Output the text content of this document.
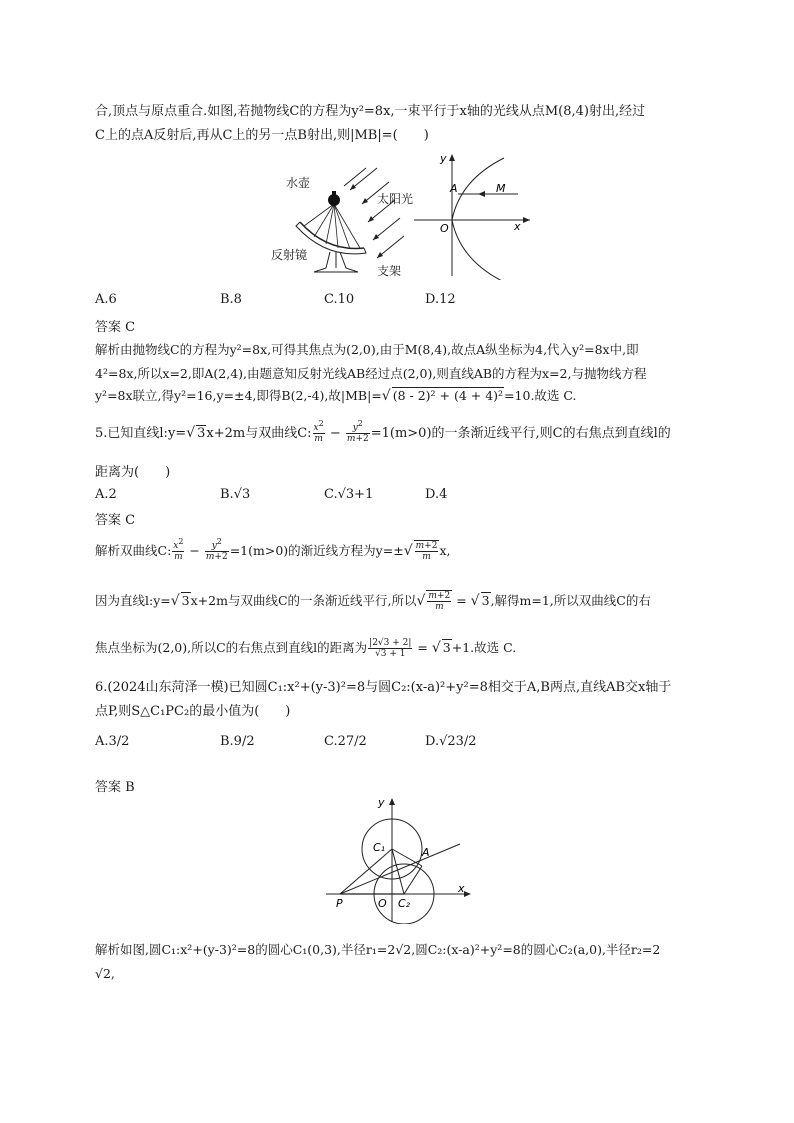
合,顶点与原点重合.如图,若抛物线C的方程为y²=8x,一束平行于x轴的光线从点M(8,4)射出,经过
C上的点A反射后,再从C上的另一点B射出,则|MB|=(　　)
水壶
太阳光
反射镜
支架
y
A	M
O	x
A.6	B.8	C.10	D.12
答案 C
解析由抛物线C的方程为y²=8x,可得其焦点为(2,0),由于M(8,4),故点A纵坐标为4,代入y²=8x中,即
4²=8x,所以x=2,即A(2,4),由题意知反射光线AB经过点(2,0),则直线AB的方程为x=2,与抛物线方程
y²=8x联立,得y²=16,y=±4,即得B(2,-4),故|MB|=√ (8 - 2)² + (4 + 4)²=10.故选 C.
5.已知直线l:y=√ 3x+2m与双曲线C: $\frac{x^2}{m} - \frac{y^2}{m+2} =1(m>0)$的一条渐近线平行,则C的右焦点到直线l的
距离为(　　)
A.2	B.√3	C.√3+1	D.4
答案 C
解析双曲线C: $\frac{x^2}{m} - \frac{y^2}{m+2} =1(m>0)$的渐近线方程为$y=\pm√ \frac{m+2}{m} x$,
因为直线l:y=√ 3x+2m与双曲线C的一条渐近线平行,所以√ $\frac{m+2}{m}$ = √ 3,解得m=1,所以双曲线C的右
焦点坐标为(2,0),所以C的右焦点到直线l的距离为 $\frac{|2√3 + 2|}{√3 + 1}$ = √ 3+1.故选 C.
6.(2024山东菏泽一模)已知圆C₁:x²+(y-3)²=8与圆C₂:(x-a)²+y²=8相交于A,B两点,直线AB交x轴于
点P,则S△C₁PC₂的最小值为(　　)
A.3/2	B.9/2	C.27/2	D.√23/2
答案 B
y
C₁	A
P	O C₂
x
解析如图,圆C₁:x²+(y-3)²=8的圆心C₁(0,3),半径r₁=2√2,圆C₂:(x-a)²+y²=8的圆心C₂(a,0),半径r₂=2
√2,
